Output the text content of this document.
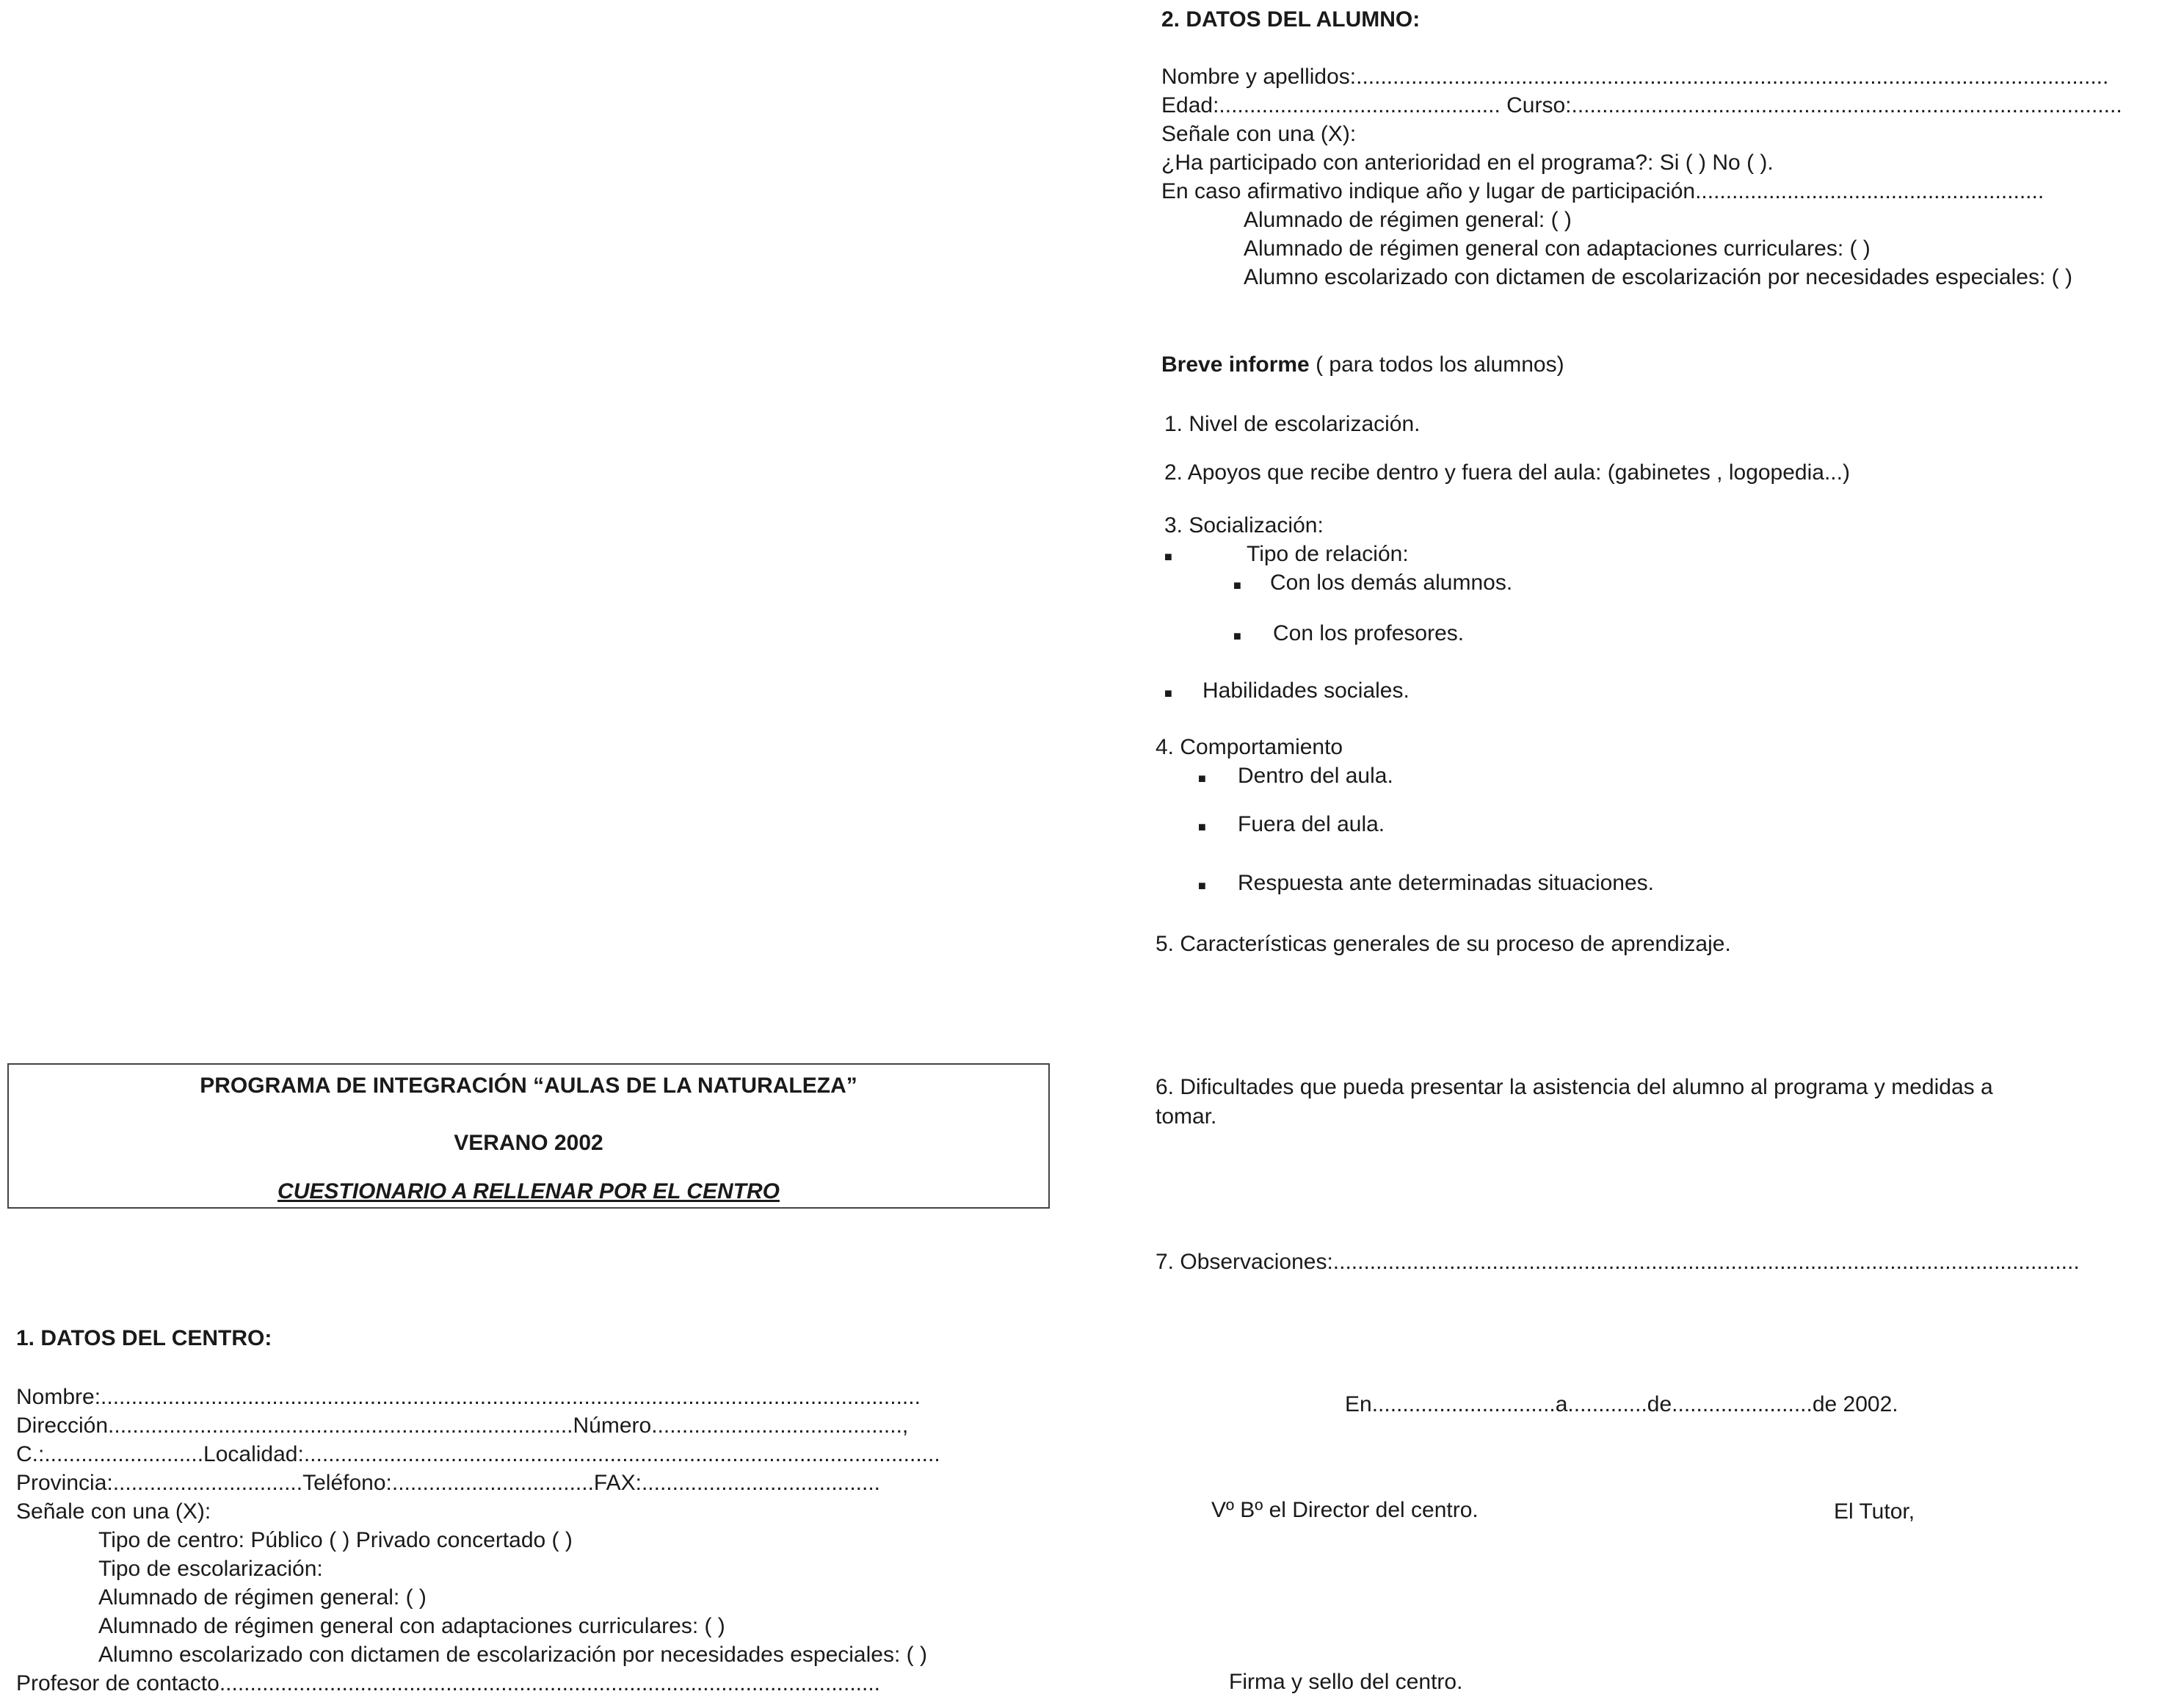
PROGRAMA DE INTEGRACIÓN “AULAS DE LA NATURALEZA”

VERANO 2002

CUESTIONARIO A RELLENAR POR EL CENTRO

1. DATOS DEL CENTRO:

Nombre:......................................................................................................................................

Dirección............................................................................Número.........................................,

C.:..........................Localidad:........................................................................................................

Provincia:...............................Teléfono:.................................FAX:.......................................

Señale con una (X):

Tipo de centro: Público ( ) Privado concertado ( )

Tipo de escolarización:

Alumnado de régimen general: ( )

Alumnado de régimen general con adaptaciones curriculares: ( )

Alumno escolarizado con dictamen de escolarización por necesidades especiales: ( )

Profesor de contacto............................................................................................................

2. DATOS DEL ALUMNO:

Nombre y apellidos:...........................................................................................................................

Edad:.............................................. Curso:..........................................................................................

Señale con una (X):

¿Ha participado con anterioridad en el programa?: Si ( ) No ( ).

En caso afirmativo indique año y lugar de participación.........................................................

Alumnado de régimen general: ( )

Alumnado de régimen general con adaptaciones curriculares: ( )

Alumno escolarizado con dictamen de escolarización por necesidades especiales: ( )

Breve informe ( para todos los alumnos)

1. Nivel de escolarización.

2. Apoyos que recibe dentro y fuera del aula: (gabinetes , logopedia...)

3. Socialización:

■	Tipo de relación:

■ Con los demás alumnos.

■ Con los profesores.

■ Habilidades sociales.

4. Comportamiento

■ Dentro del aula.

■ Fuera del aula.

■ Respuesta ante determinadas situaciones.

5. Características generales de su proceso de aprendizaje.

6. Dificultades que pueda presentar la asistencia del alumno al programa y medidas a

tomar.

7. Observaciones:..........................................................................................................................

En..............................a.............de.......................de 2002.

Vº Bº el Director del centro.	El Tutor,

Firma y sello del centro.
